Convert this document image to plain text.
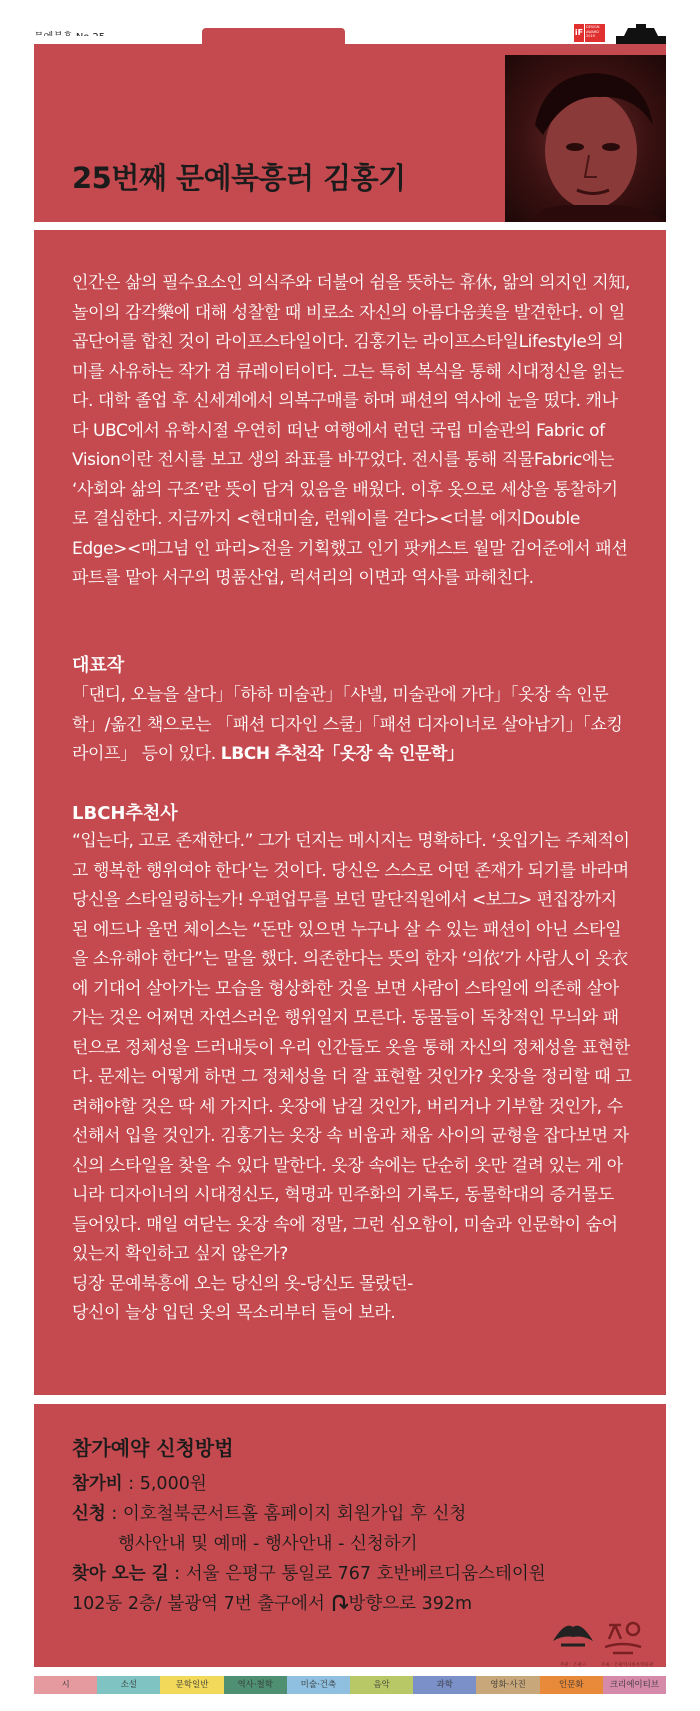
iF
DESIGN AWARD 2019
25번째 문예북흥러 김홍기
인간은 삶의 필수요소인 의식주와 더불어 쉼을 뜻하는 휴休, 앎의 의지인 지知, 놀이의 감각樂에 대해 성찰할 때 비로소 자신의 아름다움美을 발견한다. 이 일곱단어를 합친 것이 라이프스타일이다. 김홍기는 라이프스타일Lifestyle의 의미를 사유하는 작가 겸 큐레이터이다. 그는 특히 복식을 통해 시대정신을 읽는다. 대학 졸업 후 신세계에서 의복구매를 하며 패션의 역사에 눈을 떴다. 캐나다 UBC에서 유학시절 우연히 떠난 여행에서 런던 국립 미술관의 Fabric of Vision이란 전시를 보고 생의 좌표를 바꾸었다. 전시를 통해 직물Fabric에는 ‘사회와 삶의 구조’란 뜻이 담겨 있음을 배웠다. 이후 옷으로 세상을 통찰하기로 결심한다. 지금까지 <현대미술, 런웨이를 걷다><더블 에지Double Edge><매그넘 인 파리>전을 기획했고 인기 팟캐스트 월말 김어준에서 패션파트를 맡아 서구의 명품산업, 럭셔리의 이면과 역사를 파헤친다.
대표작
「댄디, 오늘을 살다」「하하 미술관」「샤넬, 미술관에 가다」「옷장 속 인문학」/옮긴 책으로는 「패션 디자인 스쿨」「패션 디자이너로 살아남기」「쇼킹 라이프」 등이 있다. LBCH 추천작「옷장 속 인문학」
LBCH추천사
“입는다, 고로 존재한다.” 그가 던지는 메시지는 명확하다. ‘옷입기는 주체적이고 행복한 행위여야 한다’는 것이다. 당신은 스스로 어떤 존재가 되기를 바라며 당신을 스타일링하는가! 우편업무를 보던 말단직원에서 <보그> 편집장까지 된 에드나 울먼 체이스는 “돈만 있으면 누구나 살 수 있는 패션이 아닌 스타일을 소유해야 한다”는 말을 했다. 의존한다는 뜻의 한자 ‘의依’가 사람人이 옷衣에 기대어 살아가는 모습을 형상화한 것을 보면 사람이 스타일에 의존해 살아가는 것은 어쩌면 자연스러운 행위일지 모른다. 동물들이 독창적인 무늬와 패턴으로 정체성을 드러내듯이 우리 인간들도 옷을 통해 자신의 정체성을 표현한다. 문제는 어떻게 하면 그 정체성을 더 잘 표현할 것인가? 옷장을 정리할 때 고려해야할 것은 딱 세 가지다. 옷장에 남길 것인가, 버리거나 기부할 것인가, 수선해서 입을 것인가. 김홍기는 옷장 속 비움과 채움 사이의 균형을 잡다보면 자신의 스타일을 찾을 수 있다 말한다. 옷장 속에는 단순히 옷만 걸려 있는 게 아니라 디자이너의 시대정신도, 혁명과 민주화의 기록도, 동물학대의 증거물도 들어있다. 매일 여닫는 옷장 속에 정말, 그런 심오함이, 미술과 인문학이 숨어 있는지 확인하고 싶지 않은가?
딩장 문예북흥에 오는 당신의 옷-당신도 몰랐던-
당신이 늘상 입던 옷의 목소리부터 들어 보라.
참가예약 신청방법
참가비 : 5,000원
신청 : 이호철북콘서트홀 홈페이지 회원가입 후 신청
행사안내 및 예매 - 행사안내 - 신청하기
찾아 오는 길 : 서울 은평구 통일로 767 호반베르디움스테이원
102동 2층/ 불광역 7번 출구에서 방향으로 392m
주관 : 은평구	주최 : 은평역사한옥박물관
시	소설	문학일반	역사·철학	미술·건축	음악	과학	영화·사진	인문화	크리에이티브
